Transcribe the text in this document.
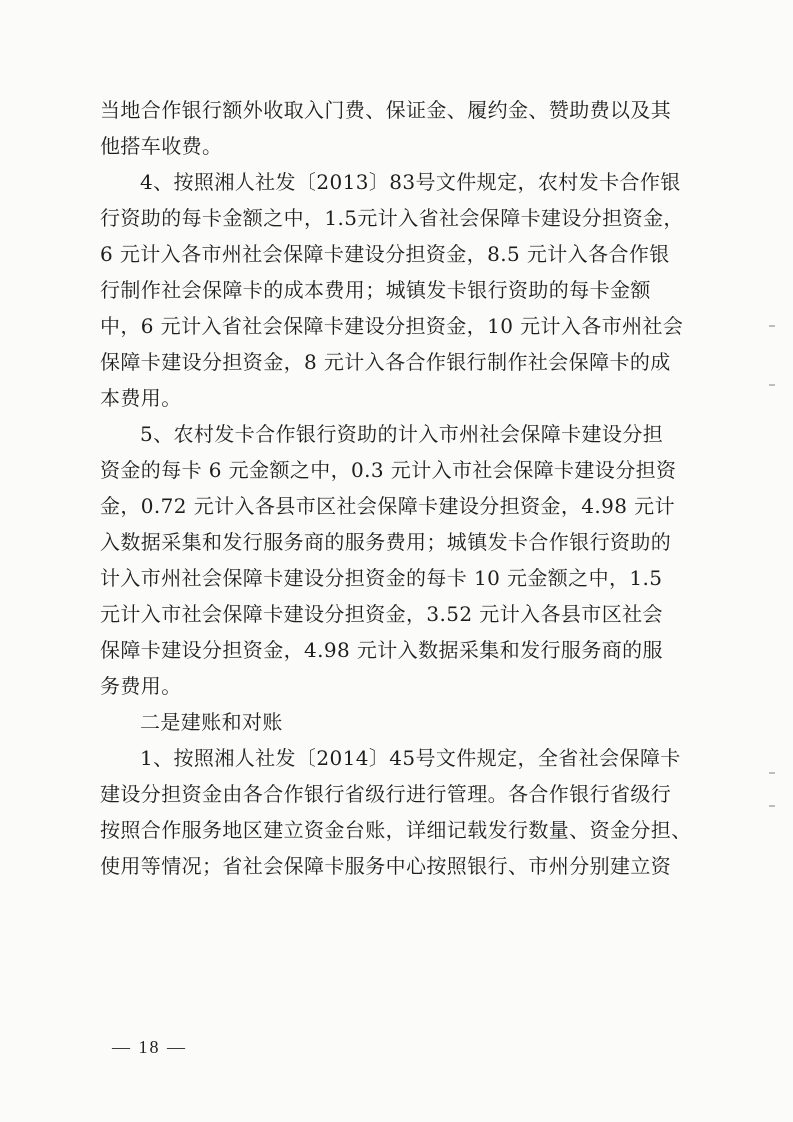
当地合作银行额外收取入门费、保证金、履约金、赞助费以及其
他搭车收费。
4、按照湘人社发〔2013〕83号文件规定，农村发卡合作银
行资助的每卡金额之中，1.5元计入省社会保障卡建设分担资金，
6 元计入各市州社会保障卡建设分担资金，8.5 元计入各合作银
行制作社会保障卡的成本费用；城镇发卡银行资助的每卡金额
中，6 元计入省社会保障卡建设分担资金，10 元计入各市州社会
保障卡建设分担资金，8 元计入各合作银行制作社会保障卡的成
本费用。
5、农村发卡合作银行资助的计入市州社会保障卡建设分担
资金的每卡 6 元金额之中，0.3 元计入市社会保障卡建设分担资
金，0.72 元计入各县市区社会保障卡建设分担资金，4.98 元计
入数据采集和发行服务商的服务费用；城镇发卡合作银行资助的
计入市州社会保障卡建设分担资金的每卡 10 元金额之中，1.5
元计入市社会保障卡建设分担资金，3.52 元计入各县市区社会
保障卡建设分担资金，4.98 元计入数据采集和发行服务商的服
务费用。
二是建账和对账
1、按照湘人社发〔2014〕45号文件规定，全省社会保障卡
建设分担资金由各合作银行省级行进行管理。各合作银行省级行
按照合作服务地区建立资金台账，详细记载发行数量、资金分担、
使用等情况；省社会保障卡服务中心按照银行、市州分别建立资
— 18 —
